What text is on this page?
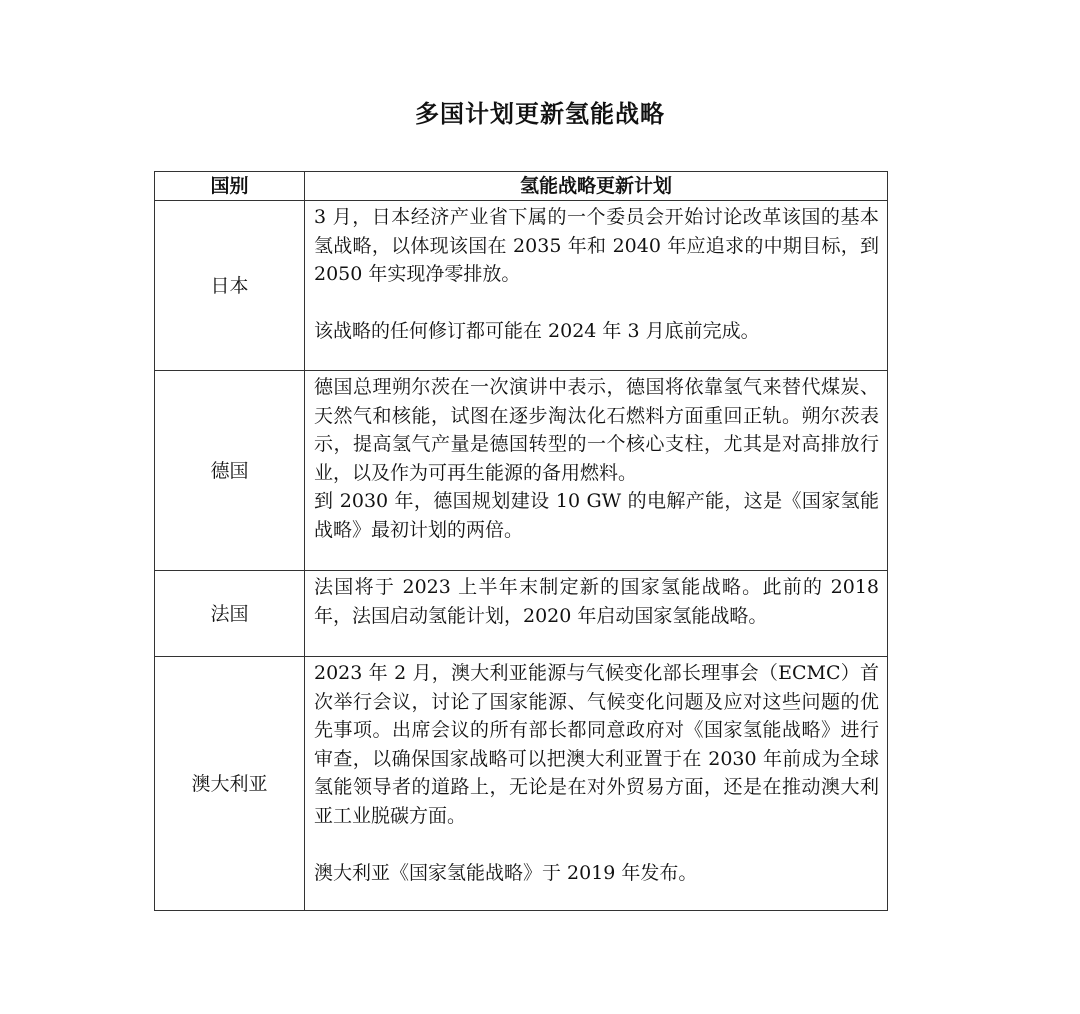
多国计划更新氢能战略
国别	氢能战略更新计划
日本	3 月，日本经济产业省下属的一个委员会开始讨论改革该国的基本氢战略，以体现该国在 2035 年和 2040 年应追求的中期目标，到 2050 年实现净零排放。

该战略的任何修订都可能在 2024 年 3 月底前完成。

德国	德国总理朔尔茨在一次演讲中表示，德国将依靠氢气来替代煤炭、天然气和核能，试图在逐步淘汰化石燃料方面重回正轨。朔尔茨表示，提高氢气产量是德国转型的一个核心支柱，尤其是对高排放行业，以及作为可再生能源的备用燃料。

到 2030 年，德国规划建设 10 GW 的电解产能，这是《国家氢能战略》最初计划的两倍。

法国	法国将于 2023 上半年末制定新的国家氢能战略。此前的 2018 年，法国启动氢能计划，2020 年启动国家氢能战略。

澳大利亚	2023 年 2 月，澳大利亚能源与气候变化部长理事会（ECMC）首次举行会议，讨论了国家能源、气候变化问题及应对这些问题的优先事项。出席会议的所有部长都同意政府对《国家氢能战略》进行审查，以确保国家战略可以把澳大利亚置于在 2030 年前成为全球氢能领导者的道路上，无论是在对外贸易方面，还是在推动澳大利亚工业脱碳方面。

澳大利亚《国家氢能战略》于 2019 年发布。
